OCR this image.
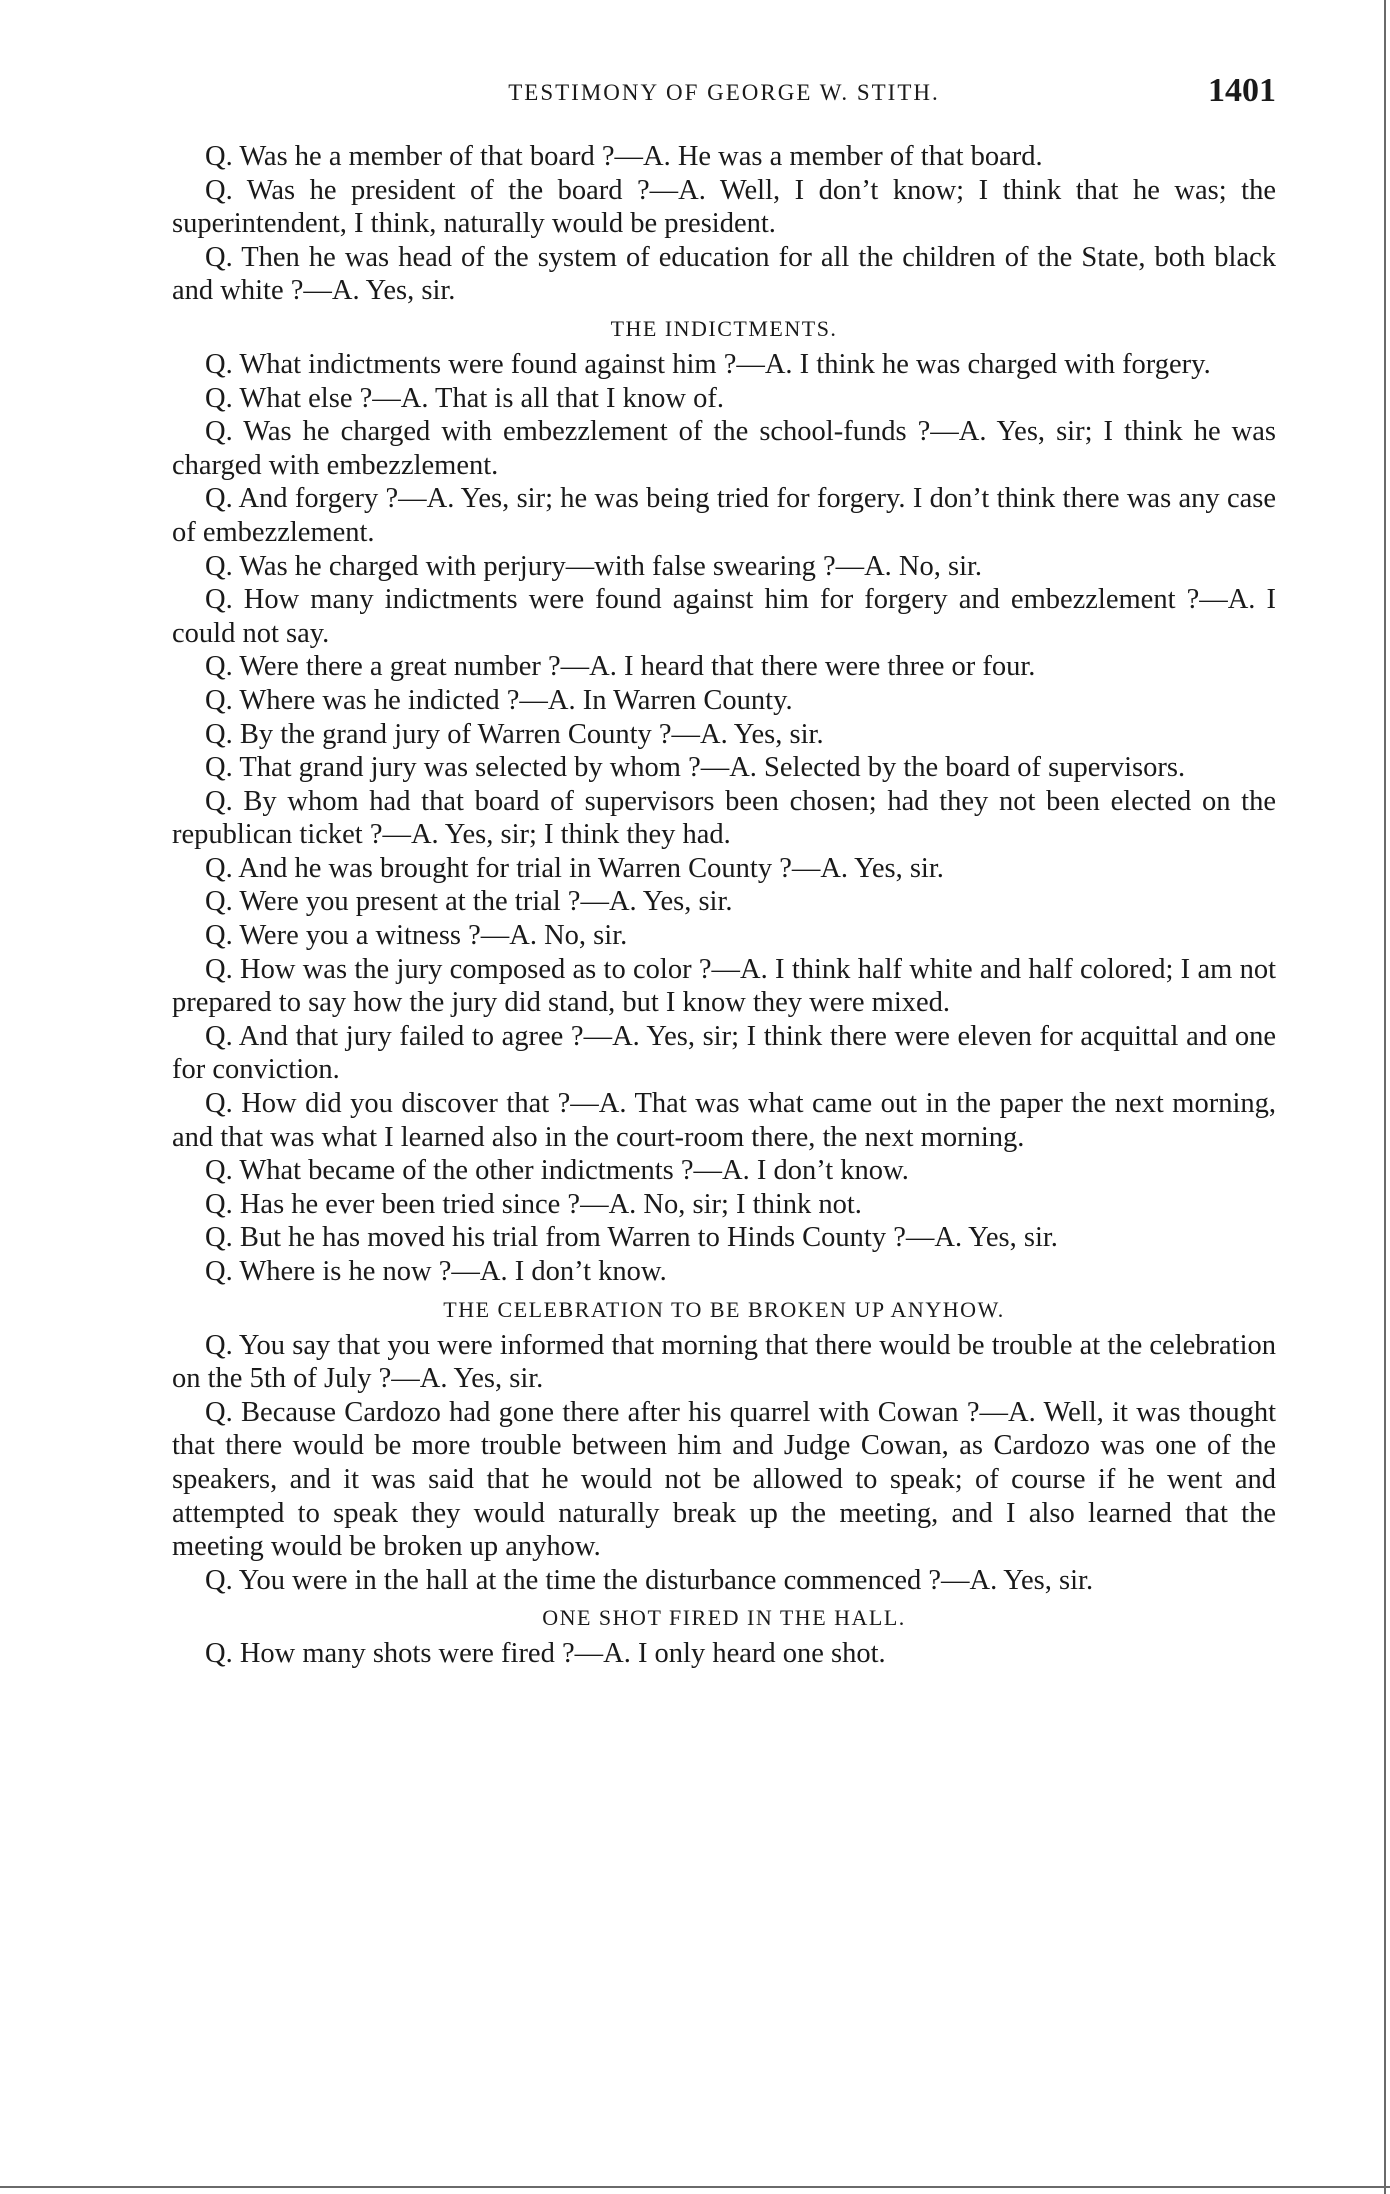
TESTIMONY OF GEORGE W. STITH.	1401

Q. Was he a member of that board ?—A. He was a member of that board.

Q. Was he president of the board ?—A. Well, I don’t know; I think that he was; the superintendent, I think, naturally would be president.

Q. Then he was head of the system of education for all the children of the State, both black and white ?—A. Yes, sir.

THE INDICTMENTS.

Q. What indictments were found against him ?—A. I think he was charged with forgery.

Q. What else ?—A. That is all that I know of.

Q. Was he charged with embezzlement of the school-funds ?—A. Yes, sir; I think he was charged with embezzlement.

Q. And forgery ?—A. Yes, sir; he was being tried for forgery. I don’t think there was any case of embezzlement.

Q. Was he charged with perjury—with false swearing ?—A. No, sir.

Q. How many indictments were found against him for forgery and embezzlement ?—A. I could not say.

Q. Were there a great number ?—A. I heard that there were three or four.

Q. Where was he indicted ?—A. In Warren County.

Q. By the grand jury of Warren County ?—A. Yes, sir.

Q. That grand jury was selected by whom ?—A. Selected by the board of supervisors.

Q. By whom had that board of supervisors been chosen; had they not been elected on the republican ticket ?—A. Yes, sir; I think they had.

Q. And he was brought for trial in Warren County ?—A. Yes, sir.

Q. Were you present at the trial ?—A. Yes, sir.

Q. Were you a witness ?—A. No, sir.

Q. How was the jury composed as to color ?—A. I think half white and half colored; I am not prepared to say how the jury did stand, but I know they were mixed.

Q. And that jury failed to agree ?—A. Yes, sir; I think there were eleven for acquittal and one for conviction.

Q. How did you discover that ?—A. That was what came out in the paper the next morning, and that was what I learned also in the court-room there, the next morning.

Q. What became of the other indictments ?—A. I don’t know.

Q. Has he ever been tried since ?—A. No, sir; I think not.

Q. But he has moved his trial from Warren to Hinds County ?—A. Yes, sir.

Q. Where is he now ?—A. I don’t know.

THE CELEBRATION TO BE BROKEN UP ANYHOW.

Q. You say that you were informed that morning that there would be trouble at the celebration on the 5th of July ?—A. Yes, sir.

Q. Because Cardozo had gone there after his quarrel with Cowan ?—A. Well, it was thought that there would be more trouble between him and Judge Cowan, as Cardozo was one of the speakers, and it was said that he would not be allowed to speak; of course if he went and attempted to speak they would naturally break up the meeting, and I also learned that the meeting would be broken up anyhow.

Q. You were in the hall at the time the disturbance commenced ?—A. Yes, sir.

ONE SHOT FIRED IN THE HALL.

Q. How many shots were fired ?—A. I only heard one shot.
